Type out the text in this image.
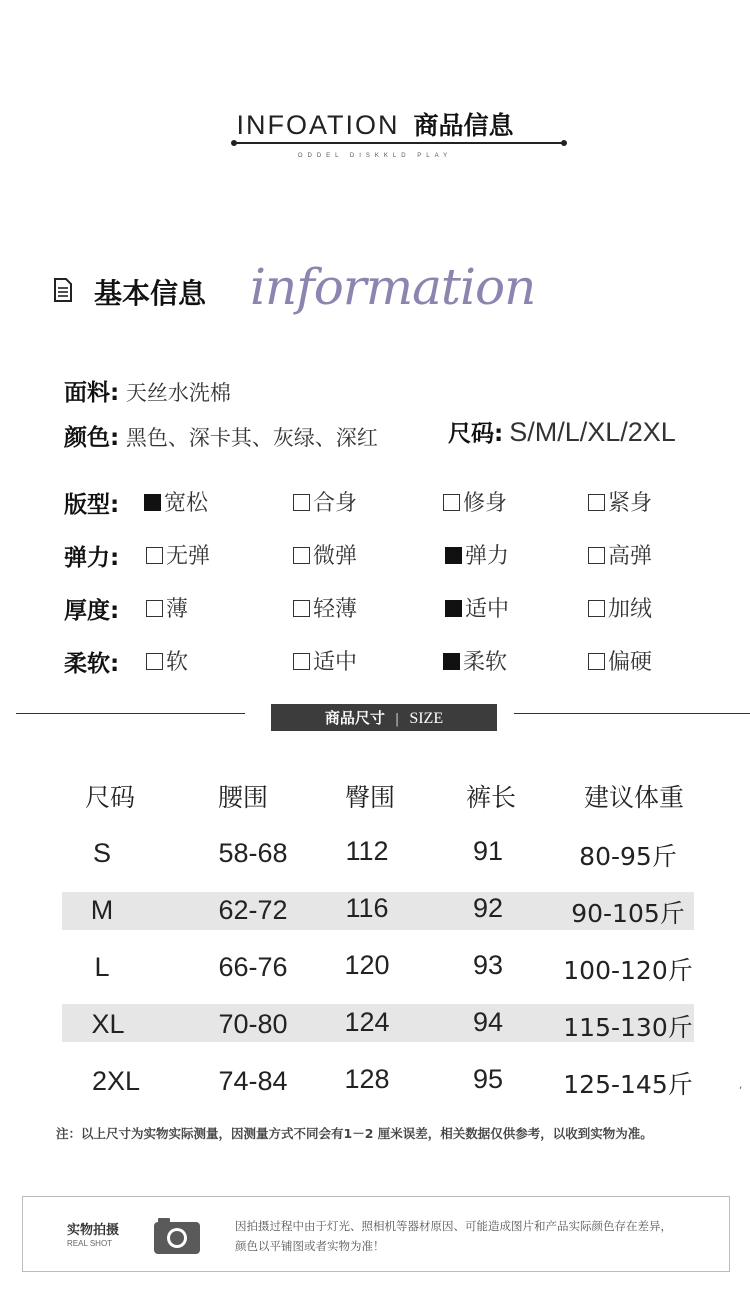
INFOATION 商品信息
ODDEL DISKKLD PLAY
基本信息 information
面料: 天丝水洗棉
颜色: 黑色、深卡其、灰绿、深红	尺码: S/M/L/XL/2XL
版型:	宽松	合身	修身	紧身
弹力:	无弹	微弹	弹力	高弹
厚度:	薄	轻薄	适中	加绒
柔软:	软	适中	柔软	偏硬
商品尺寸 | SIZE
尺码	腰围	臀围	裤长	建议体重
S	58-68	112	91	80-95斤
M	62-72	116	92	90-105斤
L	66-76	120	93	100-120斤
XL	70-80	124	94	115-130斤
2XL	74-84	128	95	125-145斤	,
注：以上尺寸为实物实际测量，因测量方式不同会有1－2 厘米误差，相关数据仅供参考，以收到实物为准。
实物拍摄
REAL SHOT
因拍摄过程中由于灯光、照相机等器材原因、可能造成图片和产品实际颜色存在差异，
颜色以平铺图或者实物为准！
